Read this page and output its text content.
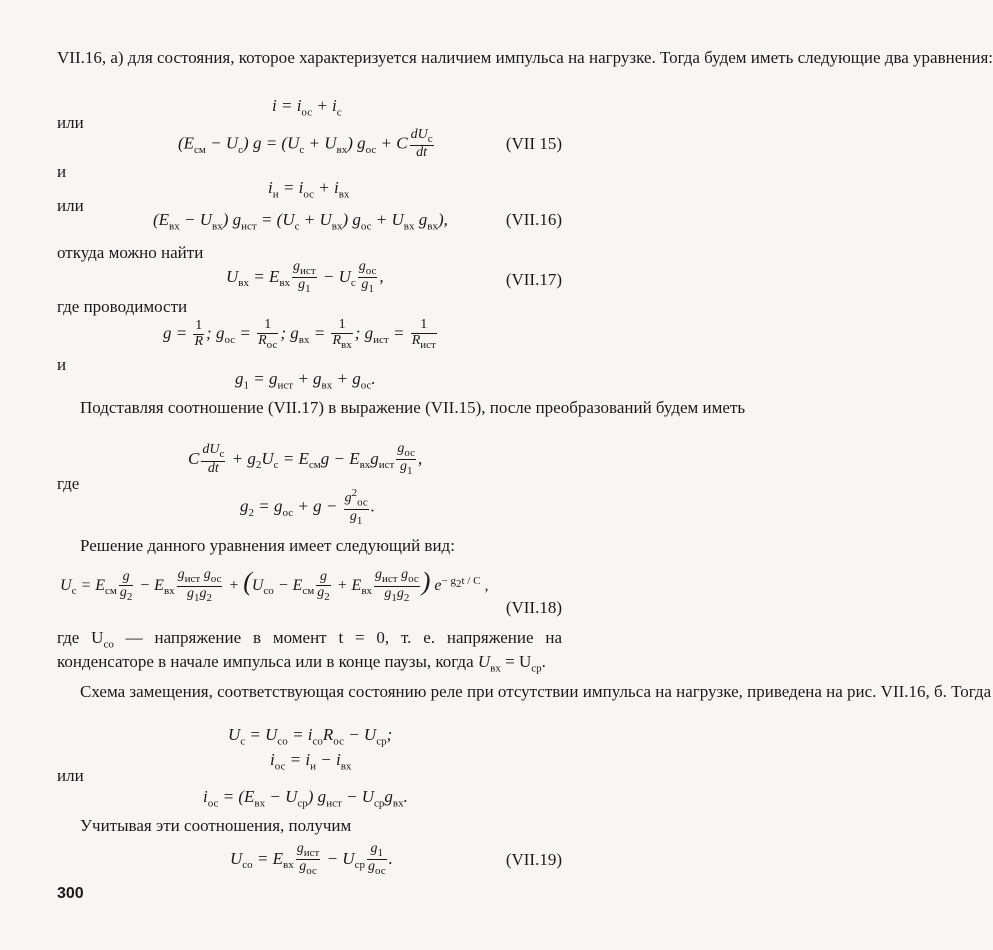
VII.16, а) для состояния, которое характеризуется наличием импульса на нагрузке. Тогда будем иметь следующие два уравнения:
$i = i_{ос} + i_с$
или
$(E_{см} - U_с) g = (U_с + U_{вх}) g_{ос} + C \frac{dU_с}{dt}$	(VII 15)
и
$i_и = i_{ос} + i_{вх}$
или
$(E_{вх} - U_{вх}) g_{ист} = (U_с + U_{вх}) g_{ос} + U_{вх}$ $g_{вх}$),	(VII.16)
откуда можно найти
$U_{вх} = E_{вх} \frac{g_{ист}}{g_1} - U_с \frac{g_{ос}}{g_1}$ ,	(VII.17)
где проводимости
$g = \frac{1}{R}$ ; $g_{ос} = \frac{1}{R_{ос}}$ ; $g_{вх} = \frac{1}{R_{вх}}$ ; $g_{ист} = \frac{1}{R_{ист}}$
и
$g_1 = g_{ист} + g_{вх} + g_{ос}$.
Подставляя соотношение (VII.17) в выражение (VII.15), после преобразований будем иметь
C $\frac{dU_с}{dt} + g_2U_с = E_{см}g - E_{вх}g_{ист} \frac{g_{ос}}{g_1}$ ,
где
$g_2 = g_{ос} + g - \frac{g^2_{ос}}{g_1}$ .
Решение данного уравнения имеет следующий вид:
$U_с = E_{см} \frac{g}{g_2} - E_{вх} \frac{g_{ист} g_{ос}}{g_1g_2} + (U_{со} - E_{см} \frac{g}{g_2} + E_{вх} \frac{g_{ист} g_{ос}}{g_1g_2}$ ) $e^{- g_2t / C}$ ,
(VII.18)
где $U_{со}$ — напряжение в момент t = 0, т. е. напряжение на конденсаторе в начале импульса или в конце паузы, когда $U_{вх} = U_{ср}$.
Схема замещения, соответствующая состоянию реле при отсутствии импульса на нагрузке, приведена на рис. VII.16, б. Тогда
$U_с = U_{со} = i_{со}R_{ос} - U_{ср}$;
$i_{ос} = i_и - i_{вх}$
или
$i_{ос} = (E_{вх} - U_{ср}) g_{ист} - U_{ср}g_{вх}$.
Учитывая эти соотношения, получим
$U_{со} = E_{вх} \frac{g_{ист}}{g_{ос}} - U_{ср} \frac{g_1}{g_{ос}}$ .	(VII.19)
300
